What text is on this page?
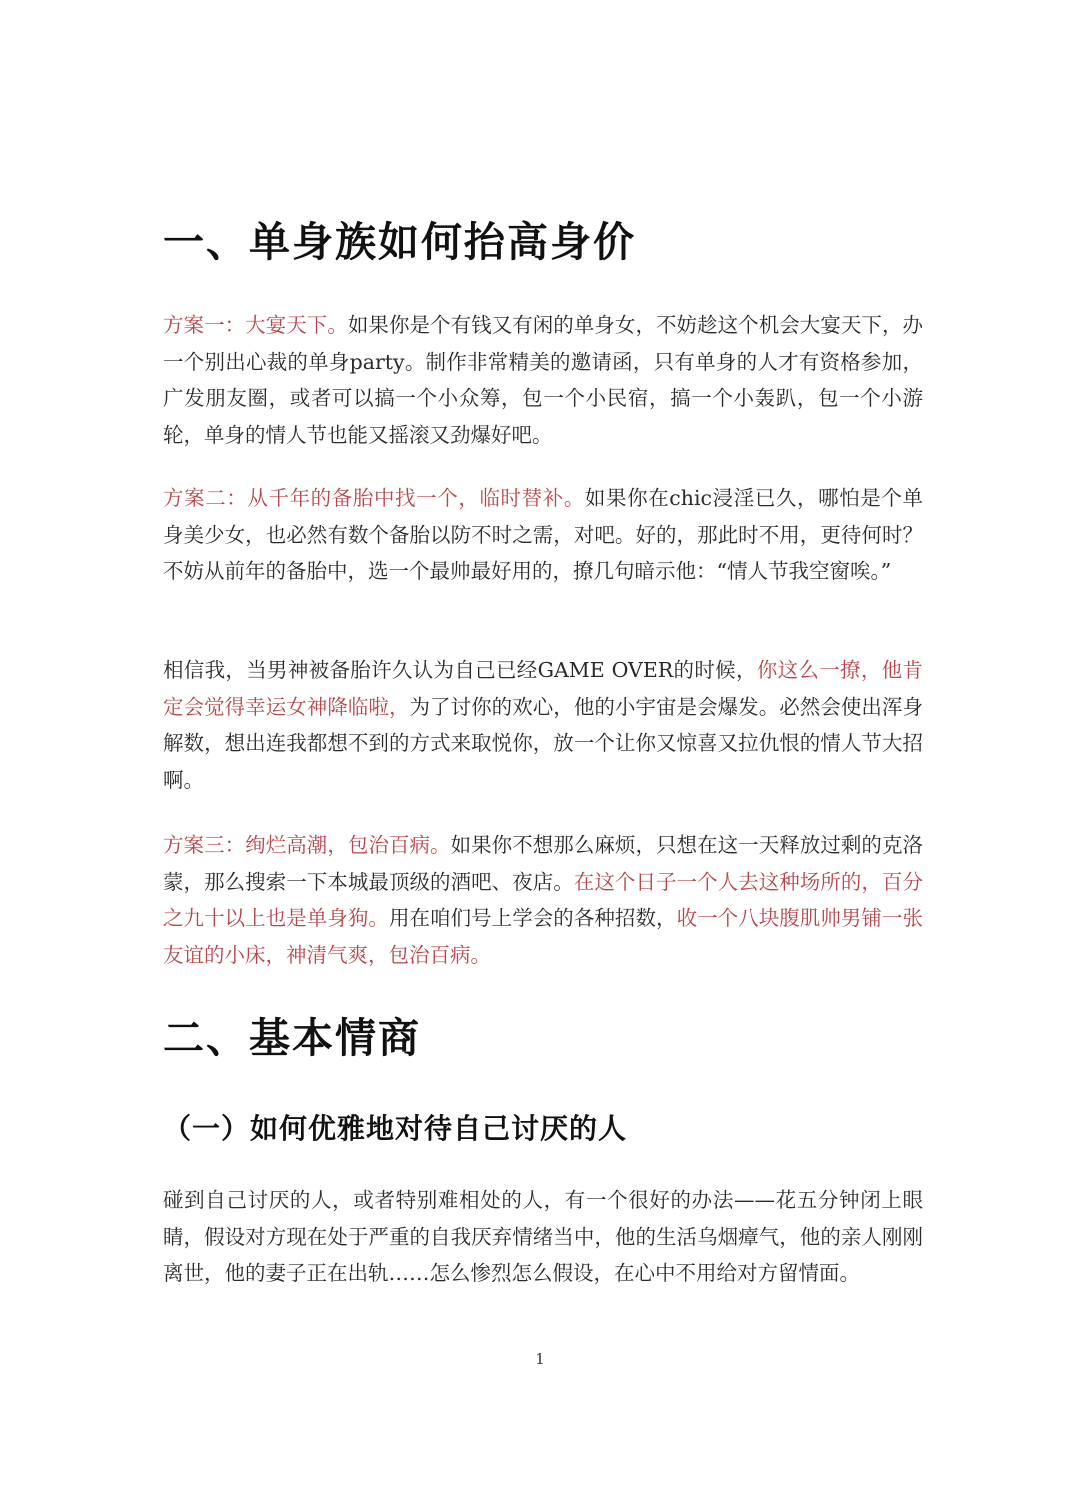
一、单身族如何抬高身价

方案一：大宴天下。如果你是个有钱又有闲的单身女，不妨趁这个机会大宴天下，办一个别出心裁的单身party。制作非常精美的邀请函，只有单身的人才有资格参加，广发朋友圈，或者可以搞一个小众筹，包一个小民宿，搞一个小轰趴，包一个小游轮，单身的情人节也能又摇滚又劲爆好吧。

方案二：从千年的备胎中找一个，临时替补。如果你在chic浸淫已久，哪怕是个单身美少女，也必然有数个备胎以防不时之需，对吧。好的，那此时不用，更待何时？不妨从前年的备胎中，选一个最帅最好用的，撩几句暗示他：“情人节我空窗唉。”

相信我，当男神被备胎许久认为自己已经GAME OVER的时候，你这么一撩，他肯定会觉得幸运女神降临啦，为了讨你的欢心，他的小宇宙是会爆发。必然会使出浑身解数，想出连我都想不到的方式来取悦你，放一个让你又惊喜又拉仇恨的情人节大招啊。

方案三：绚烂高潮，包治百病。如果你不想那么麻烦，只想在这一天释放过剩的克洛蒙，那么搜索一下本城最顶级的酒吧、夜店。在这个日子一个人去这种场所的，百分之九十以上也是单身狗。用在咱们号上学会的各种招数，收一个八块腹肌帅男铺一张友谊的小床，神清气爽，包治百病。

二、基本情商
（一）如何优雅地对待自己讨厌的人

碰到自己讨厌的人，或者特别难相处的人，有一个很好的办法——花五分钟闭上眼睛，假设对方现在处于严重的自我厌弃情绪当中，他的生活乌烟瘴气，他的亲人刚刚离世，他的妻子正在出轨……怎么惨烈怎么假设，在心中不用给对方留情面。

1
